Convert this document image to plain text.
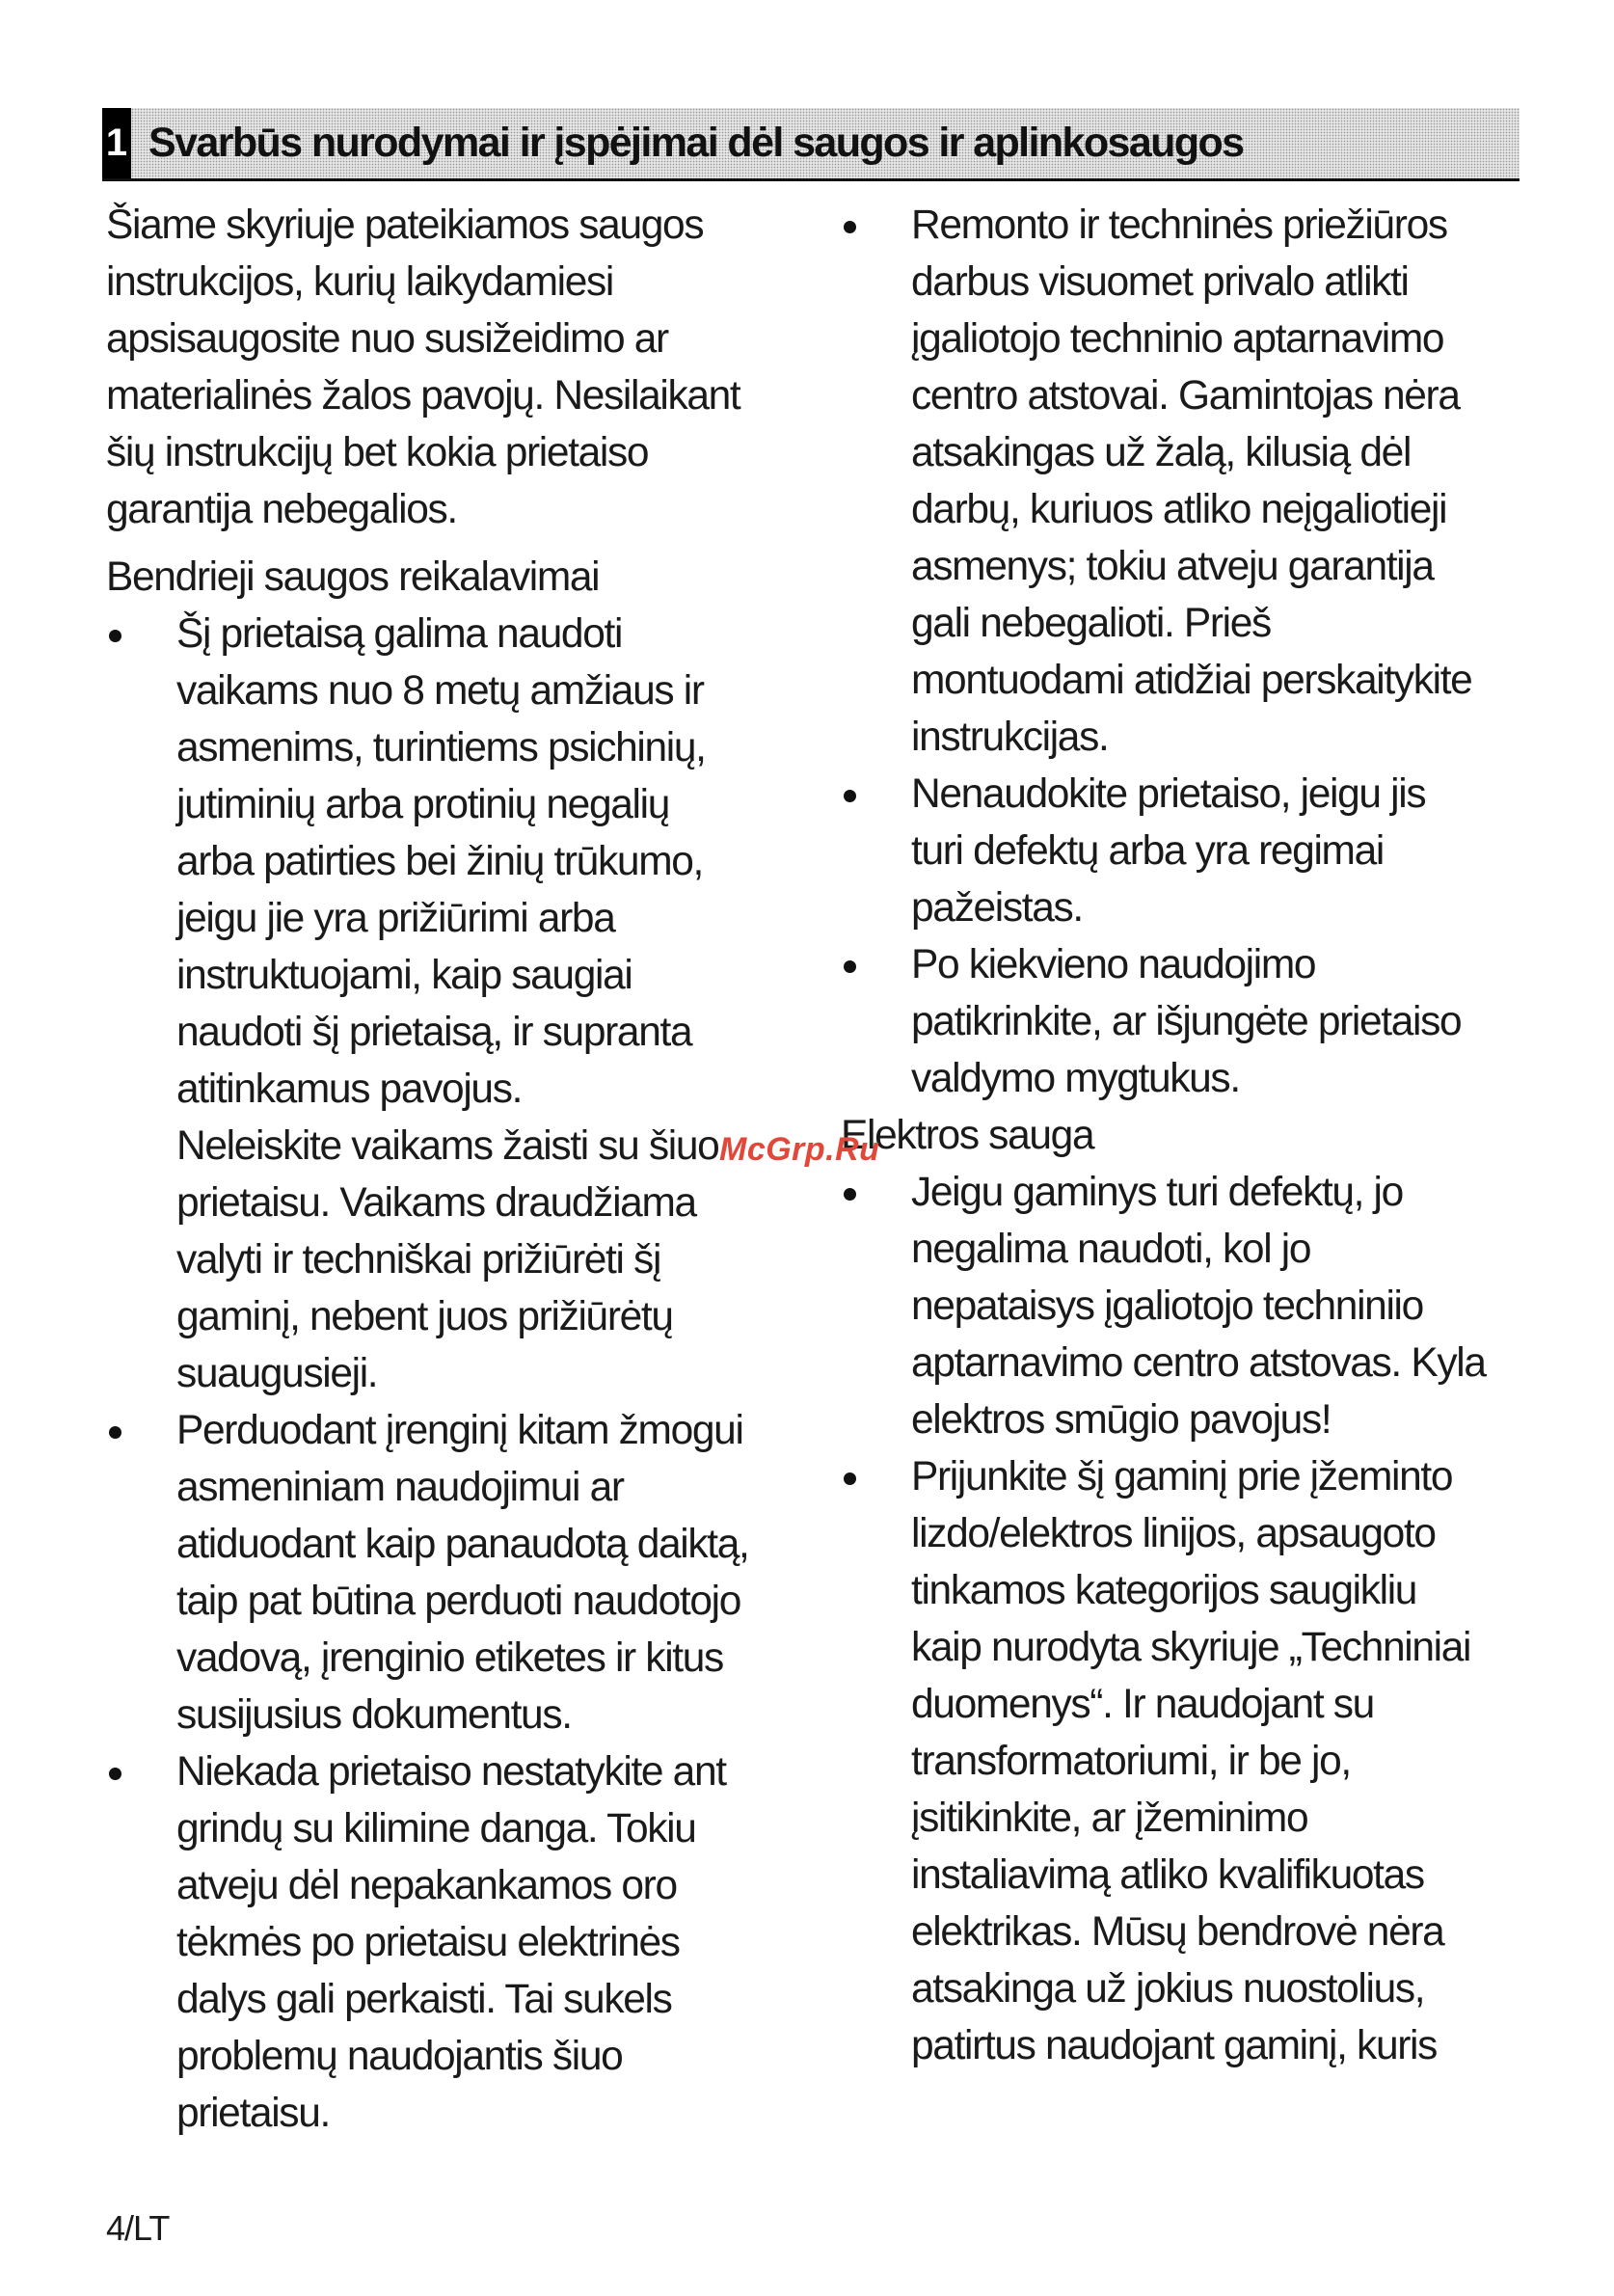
1 Svarbūs nurodymai ir įspėjimai dėl saugos ir aplinkosaugos

Šiame skyriuje pateikiamos saugos
instrukcijos, kurių laikydamiesi
apsisaugosite nuo susižeidimo ar
materialinės žalos pavojų. Nesilaikant
šių instrukcijų bet kokia prietaiso
garantija nebegalios.

Bendrieji saugos reikalavimai

Šį prietaisą galima naudoti
vaikams nuo 8 metų amžiaus ir
asmenims, turintiems psichinių,
jutiminių arba protinių negalių
arba patirties bei žinių trūkumo,
jeigu jie yra prižiūrimi arba
instruktuojami, kaip saugiai
naudoti šį prietaisą, ir supranta
atitinkamus pavojus.
Neleiskite vaikams žaisti su šiuo
prietaisu. Vaikams draudžiama
valyti ir techniškai prižiūrėti šį
gaminį, nebent juos prižiūrėtų
suaugusieji.
Perduodant įrenginį kitam žmogui
asmeniniam naudojimui ar
atiduodant kaip panaudotą daiktą,
taip pat būtina perduoti naudotojo
vadovą, įrenginio etiketes ir kitus
susijusius dokumentus.
Niekada prietaiso nestatykite ant
grindų su kilimine danga. Tokiu
atveju dėl nepakankamos oro
tėkmės po prietaisu elektrinės
dalys gali perkaisti. Tai sukels
problemų naudojantis šiuo
prietaisu.
Remonto ir techninės priežiūros
darbus visuomet privalo atlikti
įgaliotojo techninio aptarnavimo
centro atstovai. Gamintojas nėra
atsakingas už žalą, kilusią dėl
darbų, kuriuos atliko neįgaliotieji
asmenys; tokiu atveju garantija
gali nebegalioti. Prieš
montuodami atidžiai perskaitykite
instrukcijas.
Nenaudokite prietaiso, jeigu jis
turi defektų arba yra regimai
pažeistas.
Po kiekvieno naudojimo
patikrinkite, ar išjungėte prietaiso
valdymo mygtukus.

Elektros sauga

Jeigu gaminys turi defektų, jo
negalima naudoti, kol jo
nepataisys įgaliotojo techniniio
aptarnavimo centro atstovas. Kyla
elektros smūgio pavojus!
Prijunkite šį gaminį prie įžeminto
lizdo/elektros linijos, apsaugoto
tinkamos kategorijos saugikliu
kaip nurodyta skyriuje „Techniniai
duomenys“. Ir naudojant su
transformatoriumi, ir be jo,
įsitikinkite, ar įžeminimo
instaliavimą atliko kvalifikuotas
elektrikas. Mūsų bendrovė nėra
atsakinga už jokius nuostolius,
patirtus naudojant gaminį, kuris
McGrp.Ru
4/LT
